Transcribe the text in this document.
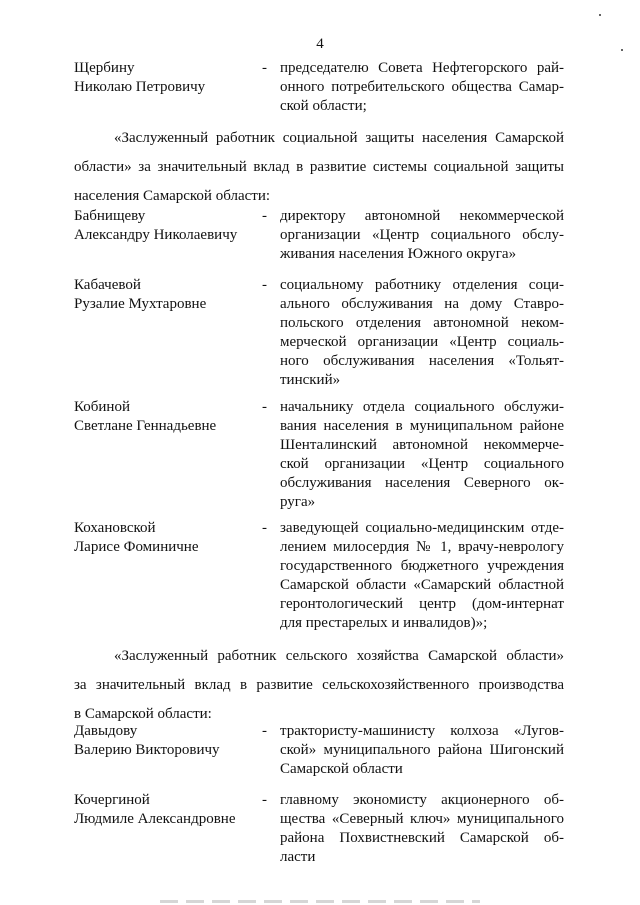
4
Щербину
Николаю Петровичу
- председателю Совета Нефтегорского рай-
онного потребительского общества Самар-
ской области;
«Заслуженный работник социальной защиты населения Самарской
области» за значительный вклад в развитие системы социальной защиты
населения Самарской области:
Бабнищеву
Александру Николаевичу
- директору автономной некоммерческой
организации «Центр социального обслу-
живания населения Южного округа»
Кабачевой
Рузалие Мухтаровне
- социальному работнику отделения соци-
ального обслуживания на дому Ставро-
польского отделения автономной неком-
мерческой организации «Центр социаль-
ного обслуживания населения «Тольят-
тинский»
Кобиной
Светлане Геннадьевне
- начальнику отдела социального обслужи-
вания населения в муниципальном районе
Шенталинский автономной некоммерче-
ской организации «Центр социального
обслуживания населения Северного ок-
руга»
Кохановской
Ларисе Фоминичне
- заведующей социально-медицинским отде-
лением милосердия № 1, врачу-неврологу
государственного бюджетного учреждения
Самарской области «Самарский областной
геронтологический центр (дом-интернат
для престарелых и инвалидов)»;
«Заслуженный работник сельского хозяйства Самарской области»
за значительный вклад в развитие сельскохозяйственного производства
в Самарской области:
Давыдову
Валерию Викторовичу
- трактористу-машинисту колхоза «Лугов-
ской» муниципального района Шигонский
Самарской области
Кочергиной
Людмиле Александровне
- главному экономисту акционерного об-
щества «Северный ключ» муниципального
района Похвистневский Самарской об-
ласти
